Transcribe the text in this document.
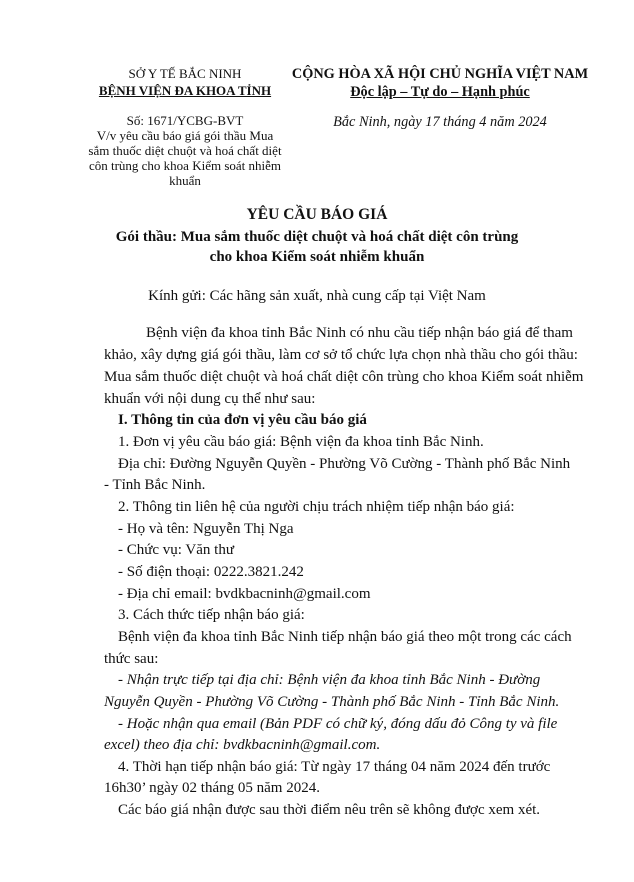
SỞ Y TẾ BẮC NINH
BỆNH VIỆN ĐA KHOA TỈNH
Số: 1671/YCBG-BVT
V/v yêu cầu báo giá gói thầu Mua
sắm thuốc diệt chuột và hoá chất diệt
côn trùng cho khoa Kiểm soát nhiễm
khuẩn
CỘNG HÒA XÃ HỘI CHỦ NGHĨA VIỆT NAM
Độc lập – Tự do – Hạnh phúc
Bắc Ninh, ngày 17 tháng 4 năm 2024
YÊU CẦU BÁO GIÁ
Gói thầu: Mua sắm thuốc diệt chuột và hoá chất diệt côn trùng
cho khoa Kiểm soát nhiễm khuẩn
Kính gửi: Các hãng sản xuất, nhà cung cấp tại Việt Nam
Bệnh viện đa khoa tỉnh Bắc Ninh có nhu cầu tiếp nhận báo giá để tham
khảo, xây dựng giá gói thầu, làm cơ sở tổ chức lựa chọn nhà thầu cho gói thầu:
Mua sắm thuốc diệt chuột và hoá chất diệt côn trùng cho khoa Kiểm soát nhiễm
khuẩn với nội dung cụ thể như sau:
I. Thông tin của đơn vị yêu cầu báo giá
1. Đơn vị yêu cầu báo giá: Bệnh viện đa khoa tỉnh Bắc Ninh.
Địa chỉ: Đường Nguyễn Quyền - Phường Võ Cường - Thành phố Bắc Ninh
- Tỉnh Bắc Ninh.
2. Thông tin liên hệ của người chịu trách nhiệm tiếp nhận báo giá:
- Họ và tên: Nguyễn Thị Nga
- Chức vụ: Văn thư
- Số điện thoại: 0222.3821.242
- Địa chỉ email: bvdkbacninh@gmail.com
3. Cách thức tiếp nhận báo giá:
Bệnh viện đa khoa tỉnh Bắc Ninh tiếp nhận báo giá theo một trong các cách
thức sau:
- Nhận trực tiếp tại địa chỉ: Bệnh viện đa khoa tỉnh Bắc Ninh - Đường
Nguyễn Quyền - Phường Võ Cường - Thành phố Bắc Ninh - Tỉnh Bắc Ninh.
- Hoặc nhận qua email (Bản PDF có chữ ký, đóng dấu đỏ Công ty và file
excel) theo địa chỉ: bvdkbacninh@gmail.com.
4. Thời hạn tiếp nhận báo giá: Từ ngày 17 tháng 04 năm 2024 đến trước
16h30’ ngày 02 tháng 05 năm 2024.
Các báo giá nhận được sau thời điểm nêu trên sẽ không được xem xét.
